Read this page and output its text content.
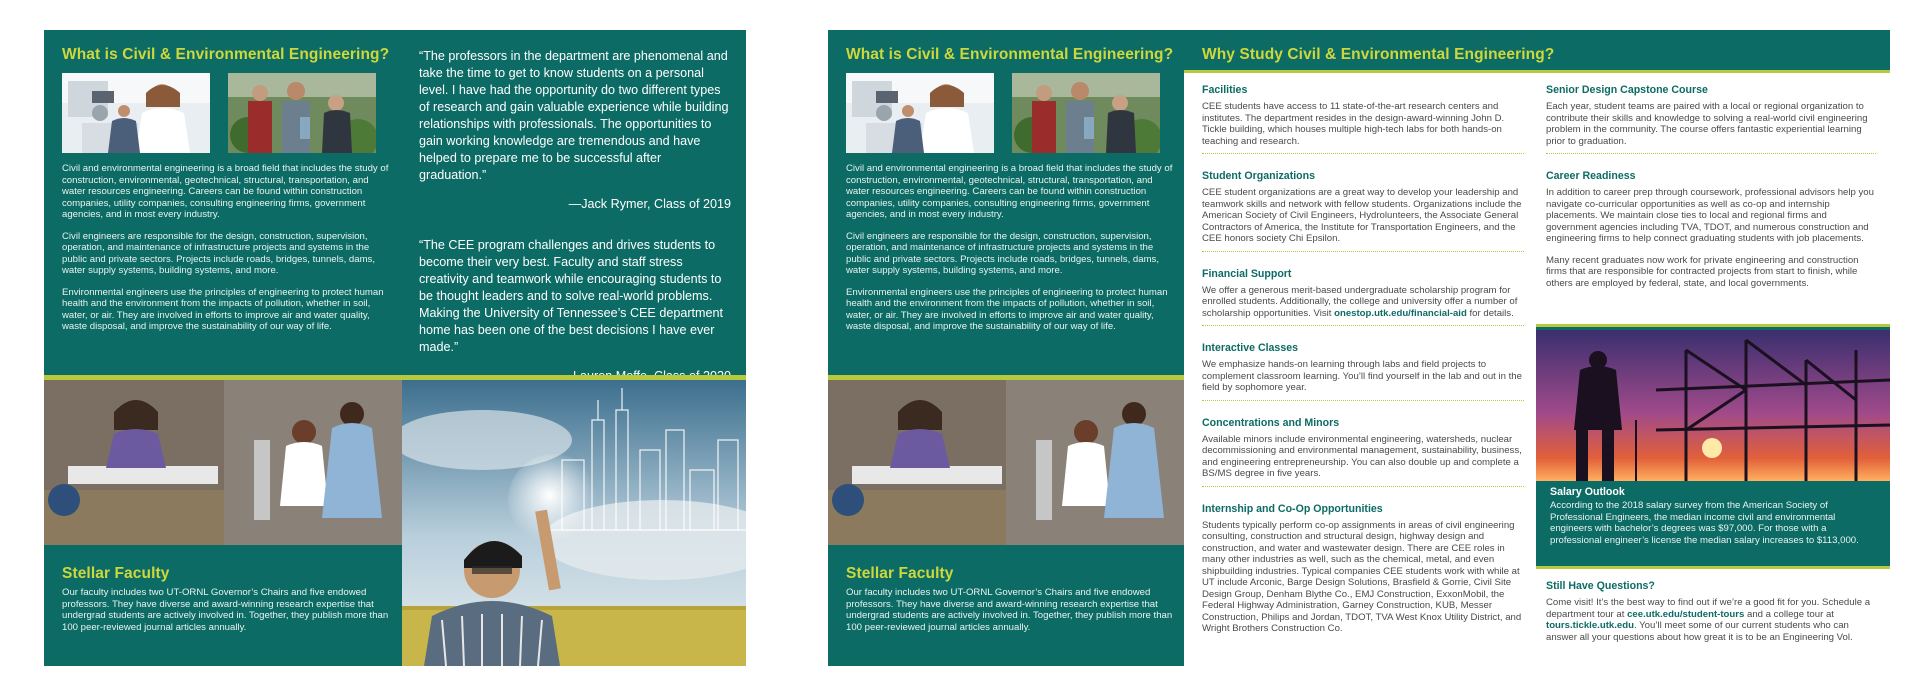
What is Civil & Environmental Engineering?

Civil and environmental engineering is a broad field that includes the study of construction, environmental, geotechnical, structural, transportation, and water resources engineering. Careers can be found within construction companies, utility companies, consulting engineering firms, government agencies, and in most every industry.

Civil engineers are responsible for the design, construction, supervision, operation, and maintenance of infrastructure projects and systems in the public and private sectors. Projects include roads, bridges, tunnels, dams, water supply systems, building systems, and more.

Environmental engineers use the principles of engineering to protect human health and the environment from the impacts of pollution, whether in soil, water, or air. They are involved in efforts to improve air and water quality, waste disposal, and improve the sustainability of our way of life.

“The professors in the department are phenomenal and take the time to get to know students on a personal level. I have had the opportunity do two different types of research and gain valuable experience while building relationships with professionals. The opportunities to gain working knowledge are tremendous and have helped to prepare me to be successful after graduation.”
—Jack Rymer, Class of 2019
“The CEE program challenges and drives students to become their very best. Faculty and staff stress creativity and teamwork while encouraging students to be thought leaders and to solve real-world problems. Making the University of Tennessee’s CEE department home has been one of the best decisions I have ever made.”
Stellar Faculty
Our faculty includes two UT-ORNL Governor’s Chairs and five endowed professors. They have diverse and award-winning research expertise that undergrad students are actively involved in. Together, they publish more than 100 peer-reviewed journal articles annually.
What is Civil & Environmental Engineering?

Civil and environmental engineering is a broad field that includes the study of construction, environmental, geotechnical, structural, transportation, and water resources engineering. Careers can be found within construction companies, utility companies, consulting engineering firms, government agencies, and in most every industry.

Civil engineers are responsible for the design, construction, supervision, operation, and maintenance of infrastructure projects and systems in the public and private sectors. Projects include roads, bridges, tunnels, dams, water supply systems, building systems, and more.

Environmental engineers use the principles of engineering to protect human health and the environment from the impacts of pollution, whether in soil, water, or air. They are involved in efforts to improve air and water quality, waste disposal, and improve the sustainability of our way of life.

Stellar Faculty
Our faculty includes two UT-ORNL Governor’s Chairs and five endowed professors. They have diverse and award-winning research expertise that undergrad students are actively involved in. Together, they publish more than 100 peer-reviewed journal articles annually.
Why Study Civil & Environmental Engineering?
Facilities
CEE students have access to 11 state-of-the-art research centers and institutes. The department resides in the design-award-winning John D. Tickle building, which houses multiple high-tech labs for both hands-on teaching and research.
Student Organizations
CEE student organizations are a great way to develop your leadership and teamwork skills and network with fellow students. Organizations include the American Society of Civil Engineers, Hydrolunteers, the Associate General Contractors of America, the Institute for Transportation Engineers, and the CEE honors society Chi Epsilon.
Financial Support
We offer a generous merit-based undergraduate scholarship program for enrolled students. Additionally, the college and university offer a number of scholarship opportunities. Visit onestop.utk.edu/financial-aid for details.
Interactive Classes
We emphasize hands-on learning through labs and field projects to complement classroom learning. You’ll find yourself in the lab and out in the field by sophomore year.
Concentrations and Minors
Available minors include environmental engineering, watersheds, nuclear decommissioning and environmental management, sustainability, business, and engineering entrepreneurship. You can also double up and complete a BS/MS degree in five years.
Internship and Co-Op Opportunities
Students typically perform co-op assignments in areas of civil engineering consulting, construction and structural design, highway design and construction, and water and wastewater design. There are CEE roles in many other industries as well, such as the chemical, metal, and even shipbuilding industries. Typical companies CEE students work with while at UT include Arconic, Barge Design Solutions, Brasfield & Gorrie, Civil Site Design Group, Denham Blythe Co., EMJ Construction, ExxonMobil, the Federal Highway Administration, Garney Construction, KUB, Messer Construction, Philips and Jordan, TDOT, TVA West Knox Utility District, and Wright Brothers Construction Co.
Senior Design Capstone Course
Each year, student teams are paired with a local or regional organization to contribute their skills and knowledge to solving a real-world civil engineering problem in the community. The course offers fantastic experiential learning prior to graduation.
Career Readiness
In addition to career prep through coursework, professional advisors help you navigate co-curricular opportunities as well as co-op and internship placements. We maintain close ties to local and regional firms and government agencies including TVA, TDOT, and numerous construction and engineering firms to help connect graduating students with job placements.
Many recent graduates now work for private engineering and construction firms that are responsible for contracted projects from start to finish, while others are employed by federal, state, and local governments.
Salary Outlook
According to the 2018 salary survey from the American Society of Professional Engineers, the median income civil and environmental engineers with bachelor’s degrees was $97,000. For those with a professional engineer’s license the median salary increases to $113,000.
Still Have Questions?
Come visit! It’s the best way to find out if we’re a good fit for you. Schedule a department tour at cee.utk.edu/student-tours and a college tour at tours.tickle.utk.edu. You’ll meet some of our current students who can answer all your questions about how great it is to be an Engineering Vol.
